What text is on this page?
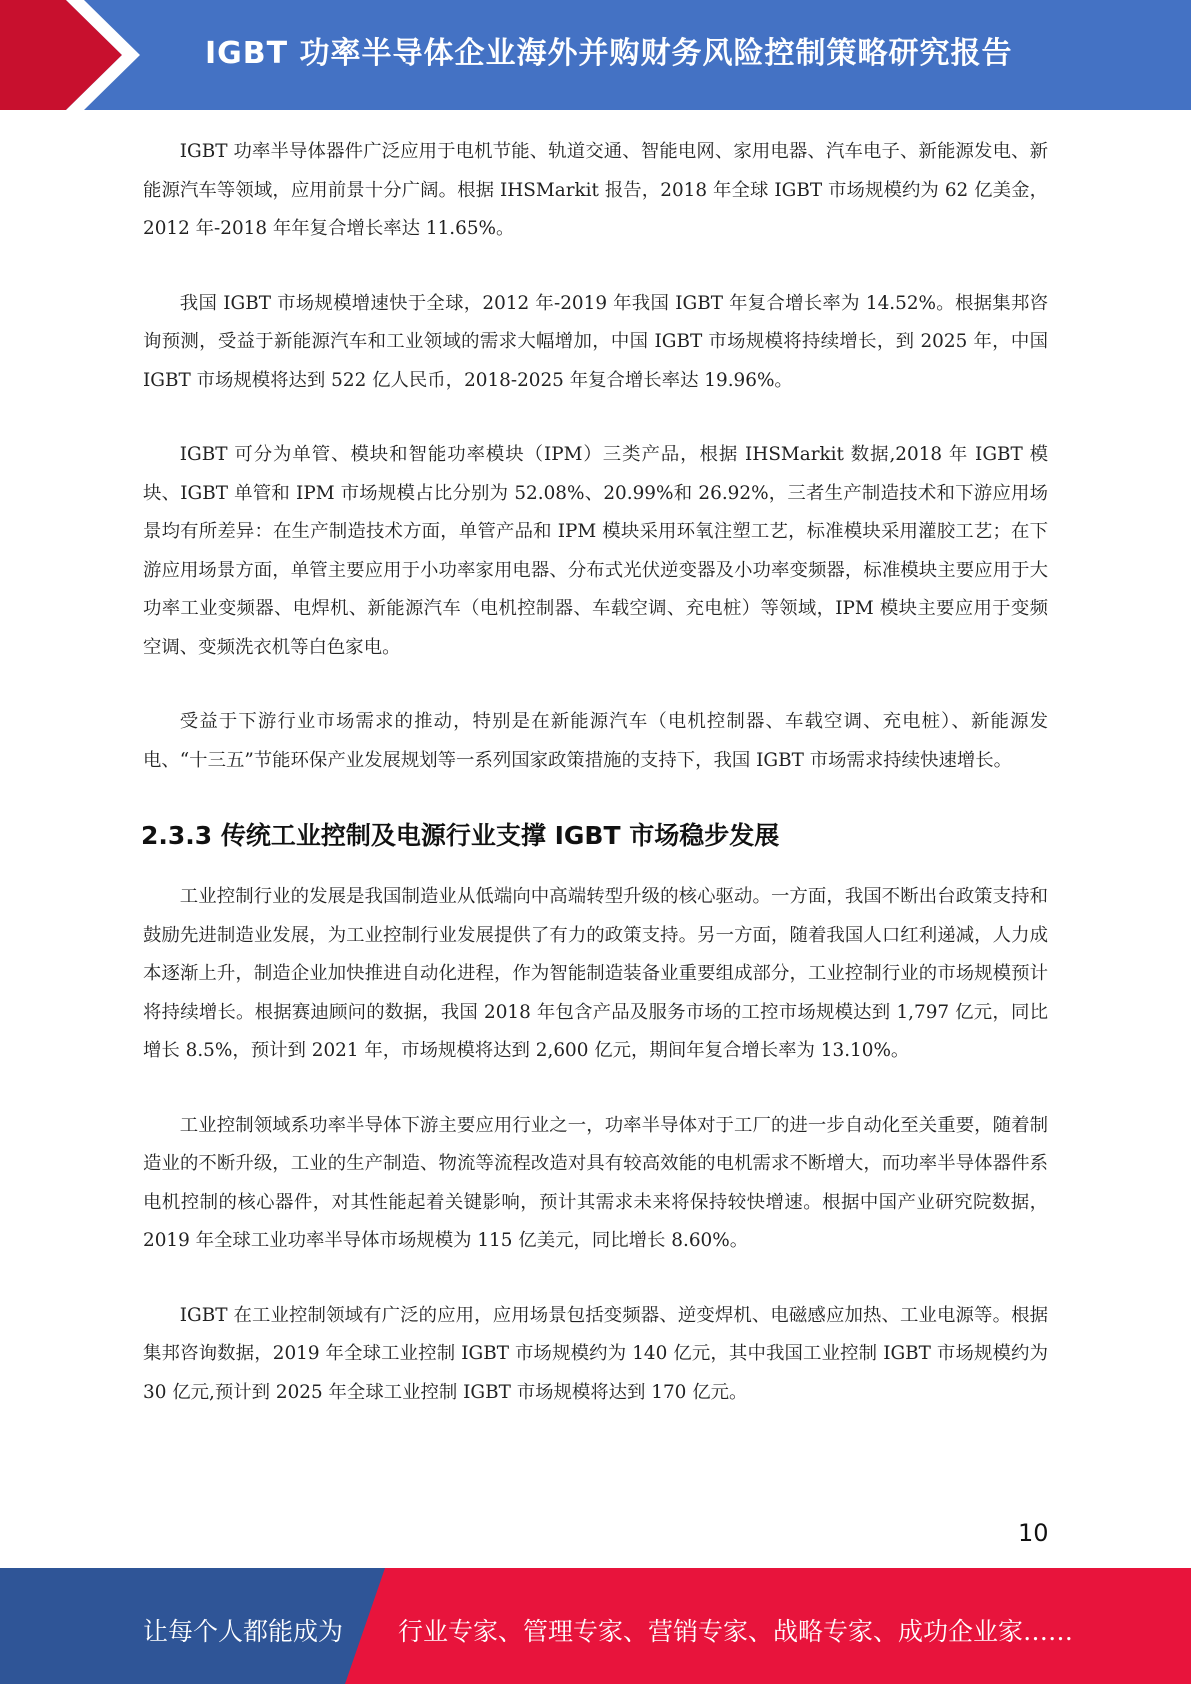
IGBT 功率半导体企业海外并购财务风险控制策略研究报告

IGBT 功率半导体器件广泛应用于电机节能、轨道交通、智能电网、家用电器、汽车电子、新能源发电、新能源汽车等领域，应用前景十分广阔。根据 IHSMarkit 报告，2018 年全球 IGBT 市场规模约为 62 亿美金，2012 年-2018 年年复合增长率达 11.65%。

我国 IGBT 市场规模增速快于全球，2012 年-2019 年我国 IGBT 年复合增长率为 14.52%。根据集邦咨询预测，受益于新能源汽车和工业领域的需求大幅增加，中国 IGBT 市场规模将持续增长，到 2025 年，中国 IGBT 市场规模将达到 522 亿人民币，2018-2025 年复合增长率达 19.96%。

IGBT 可分为单管、模块和智能功率模块（IPM）三类产品，根据 IHSMarkit 数据,2018 年 IGBT 模块、IGBT 单管和 IPM 市场规模占比分别为 52.08%、20.99%和 26.92%，三者生产制造技术和下游应用场景均有所差异：在生产制造技术方面，单管产品和 IPM 模块采用环氧注塑工艺，标准模块采用灌胶工艺；在下游应用场景方面，单管主要应用于小功率家用电器、分布式光伏逆变器及小功率变频器，标准模块主要应用于大功率工业变频器、电焊机、新能源汽车（电机控制器、车载空调、充电桩）等领域，IPM 模块主要应用于变频空调、变频洗衣机等白色家电。

受益于下游行业市场需求的推动，特别是在新能源汽车（电机控制器、车载空调、充电桩）、新能源发电、“十三五”节能环保产业发展规划等一系列国家政策措施的支持下，我国 IGBT 市场需求持续快速增长。

2.3.3 传统工业控制及电源行业支撑 IGBT 市场稳步发展

工业控制行业的发展是我国制造业从低端向中高端转型升级的核心驱动。一方面，我国不断出台政策支持和鼓励先进制造业发展，为工业控制行业发展提供了有力的政策支持。另一方面，随着我国人口红利递减，人力成本逐渐上升，制造企业加快推进自动化进程，作为智能制造装备业重要组成部分，工业控制行业的市场规模预计将持续增长。根据赛迪顾问的数据，我国 2018 年包含产品及服务市场的工控市场规模达到 1,797 亿元，同比增长 8.5%，预计到 2021 年，市场规模将达到 2,600 亿元，期间年复合增长率为 13.10%。

工业控制领域系功率半导体下游主要应用行业之一，功率半导体对于工厂的进一步自动化至关重要，随着制造业的不断升级，工业的生产制造、物流等流程改造对具有较高效能的电机需求不断增大，而功率半导体器件系电机控制的核心器件，对其性能起着关键影响，预计其需求未来将保持较快增速。根据中国产业研究院数据，2019 年全球工业功率半导体市场规模为 115 亿美元，同比增长 8.60%。

IGBT 在工业控制领域有广泛的应用，应用场景包括变频器、逆变焊机、电磁感应加热、工业电源等。根据集邦咨询数据，2019 年全球工业控制 IGBT 市场规模约为 140 亿元，其中我国工业控制 IGBT 市场规模约为 30 亿元,预计到 2025 年全球工业控制 IGBT 市场规模将达到 170 亿元。

10
让每个人都能成为 行业专家、管理专家、营销专家、战略专家、成功企业家……
